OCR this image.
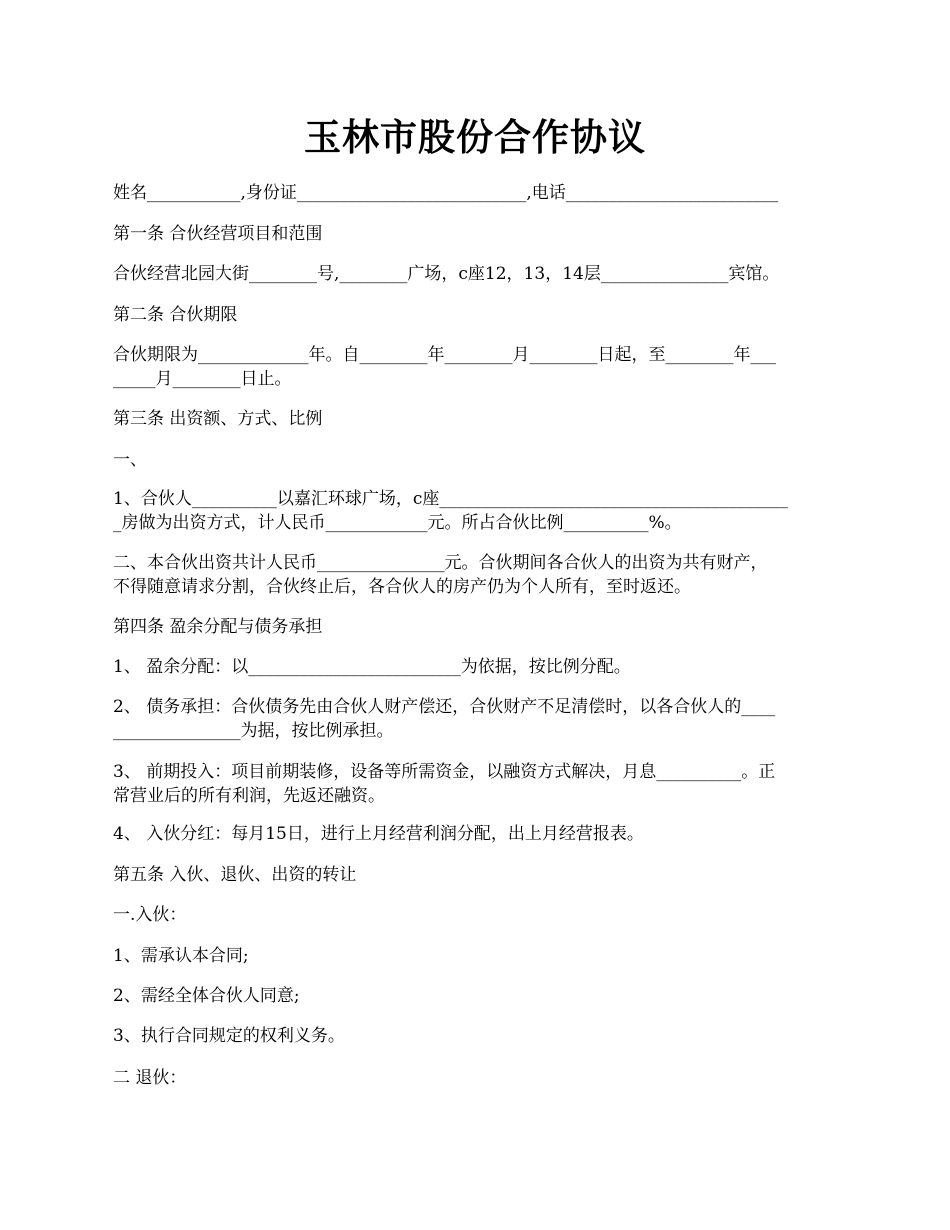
玉林市股份合作协议

姓名___________,身份证___________________________,电话_________________________

第一条 合伙经营项目和范围

合伙经营北园大街________号,________广场，c座12，13，14层_______________宾馆。

第二条 合伙期限

合伙期限为_____________年。自________年________月________日起，至________年___

_____月________日止。

第三条 出资额、方式、比例

一、

1、合伙人__________以嘉汇环球广场，c座_________________________________________

_房做为出资方式，计人民币____________元。所占合伙比例__________%。

二、本合伙出资共计人民币_______________元。合伙期间各合伙人的出资为共有财产，

不得随意请求分割，合伙终止后，各合伙人的房产仍为个人所有，至时返还。

第四条 盈余分配与债务承担

1、 盈余分配：以_________________________为依据，按比例分配。

2、 债务承担：合伙债务先由合伙人财产偿还，合伙财产不足清偿时，以各合伙人的____

_______________为据，按比例承担。

3、 前期投入：项目前期装修，设备等所需资金，以融资方式解决，月息__________。正

常营业后的所有利润，先返还融资。

4、 入伙分红：每月15日，进行上月经营利润分配，出上月经营报表。

第五条 入伙、退伙、出资的转让

一.入伙：

1、需承认本合同;

2、需经全体合伙人同意;

3、执行合同规定的权利义务。

二 退伙：
